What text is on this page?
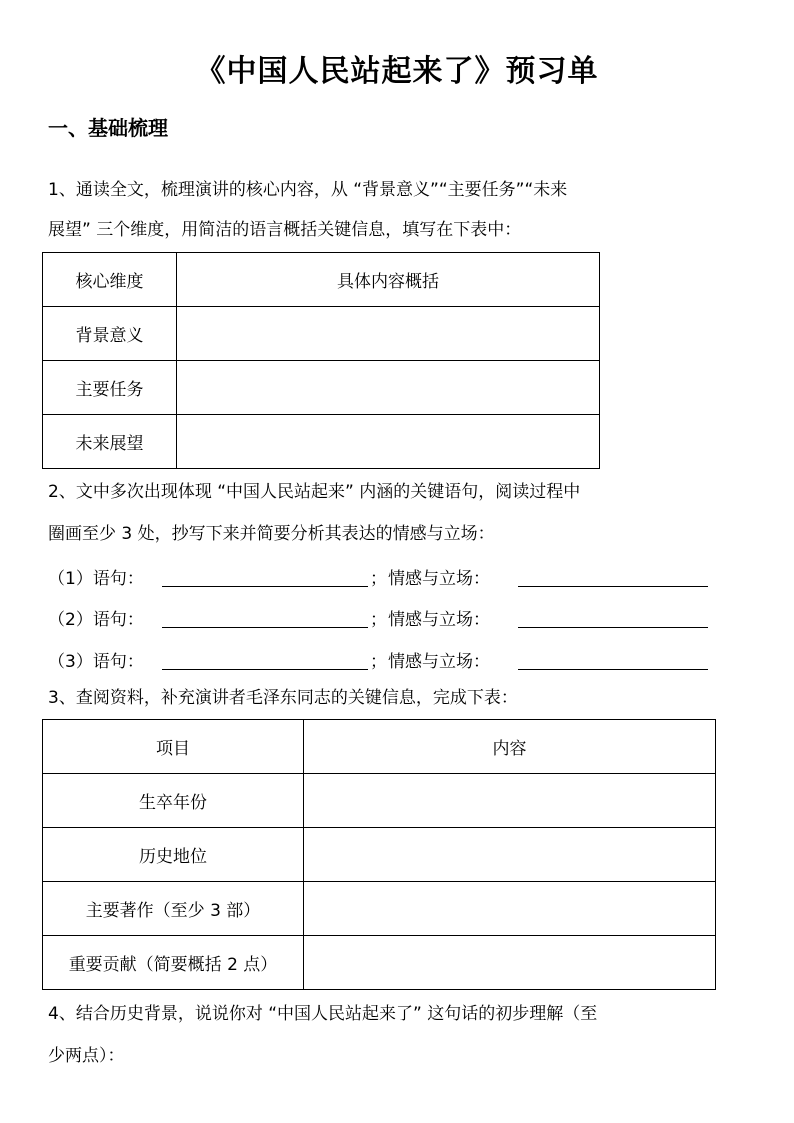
《中国人民站起来了》预习单
一、基础梳理
1、通读全文，梳理演讲的核心内容，从 “背景意义”“主要任务”“未来
展望” 三个维度，用简洁的语言概括关键信息，填写在下表中：
核心维度	具体内容概括
背景意义	
主要任务	
未来展望	
2、文中多次出现体现 “中国人民站起来” 内涵的关键语句，阅读过程中
圈画至少 3 处，抄写下来并简要分析其表达的情感与立场：
（1）语句：	； 情感与立场：
（2）语句：	； 情感与立场：
（3）语句：	； 情感与立场：
3、查阅资料，补充演讲者毛泽东同志的关键信息，完成下表：
项目	内容
生卒年份	
历史地位	
主要著作（至少 3 部）	
重要贡献（简要概括 2 点）	
4、结合历史背景，说说你对 “中国人民站起来了” 这句话的初步理解（至
少两点）：
